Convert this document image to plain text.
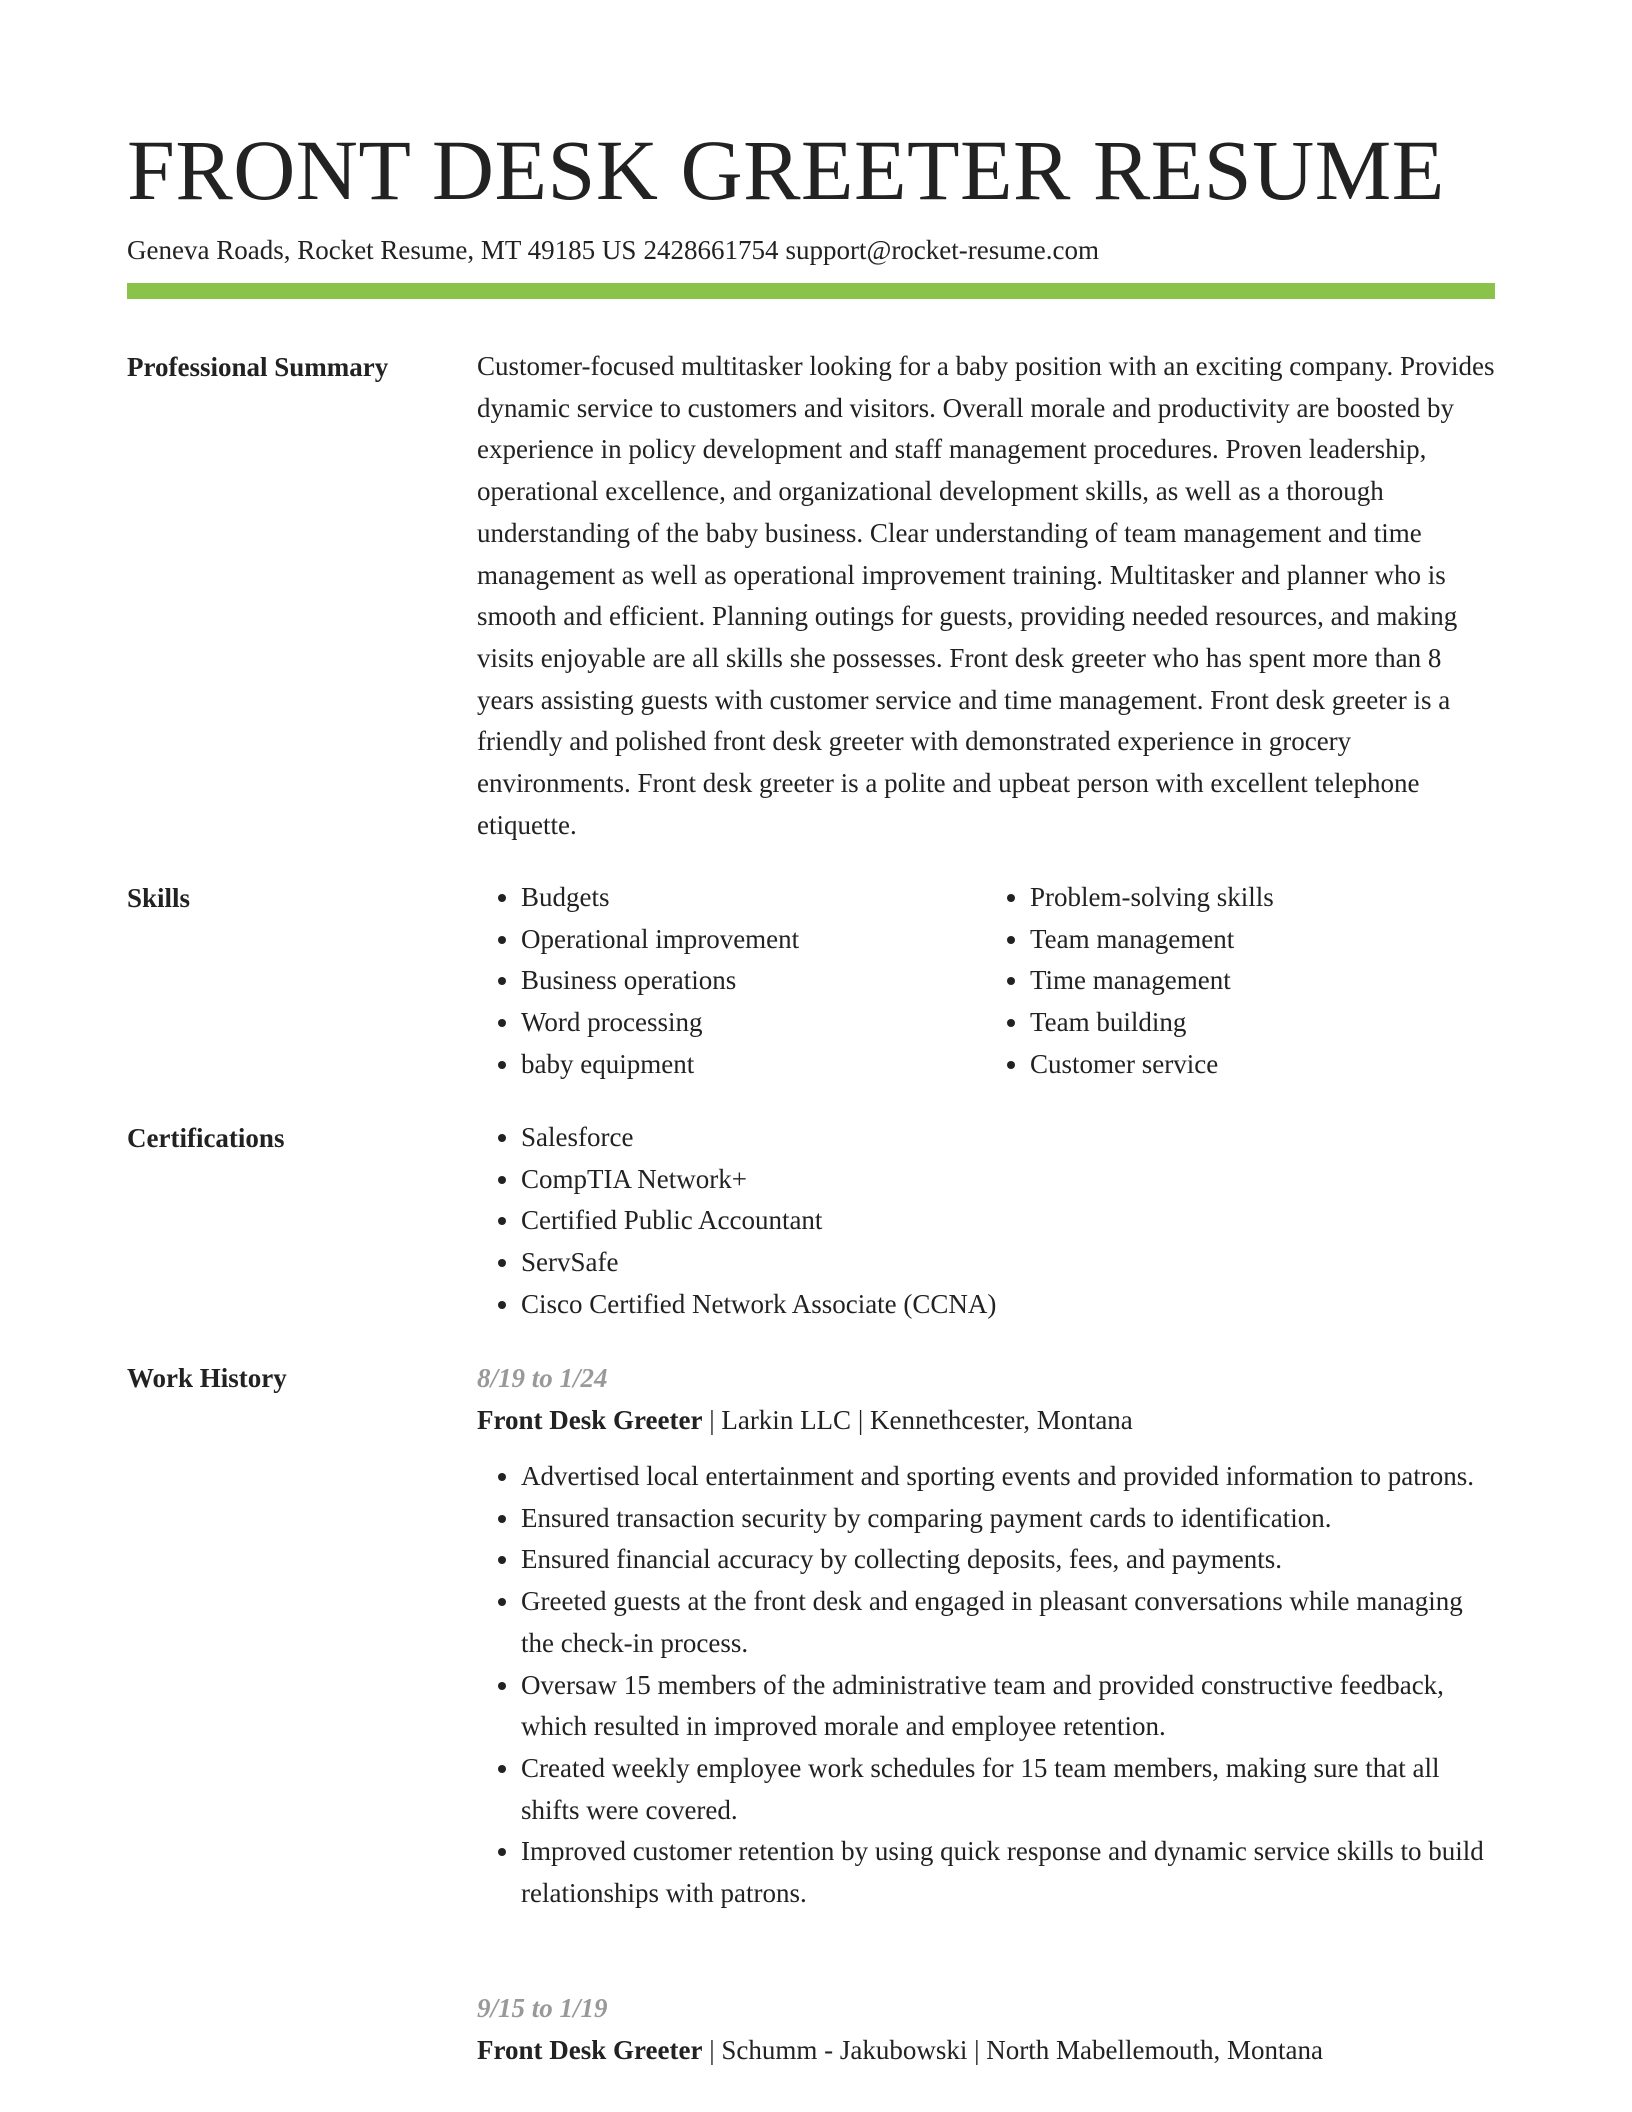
FRONT DESK GREETER RESUME
Geneva Roads, Rocket Resume, MT 49185 US 2428661754 support@rocket-resume.com
Professional Summary	Customer-focused multitasker looking for a baby position with an exciting company. Provides dynamic service to customers and visitors. Overall morale and productivity are boosted by experience in policy development and staff management procedures. Proven leadership, operational excellence, and organizational development skills, as well as a thorough understanding of the baby business. Clear understanding of team management and time management as well as operational improvement training. Multitasker and planner who is smooth and efficient. Planning outings for guests, providing needed resources, and making visits enjoyable are all skills she possesses. Front desk greeter who has spent more than 8 years assisting guests with customer service and time management. Front desk greeter is a friendly and polished front desk greeter with demonstrated experience in grocery environments. Front desk greeter is a polite and upbeat person with excellent telephone etiquette.

Skills	• Budgets
• Operational improvement
• Business operations
• Word processing
• baby equipment
• Problem-solving skills
• Team management
• Time management
• Team building
• Customer service
Certifications	• Salesforce
• CompTIA Network+
• Certified Public Accountant
• ServSafe
• Cisco Certified Network Associate (CCNA)
Work History	8/19 to 1/24
Front Desk Greeter | Larkin LLC | Kennethcester, Montana
• Advertised local entertainment and sporting events and provided information to patrons.
• Ensured transaction security by comparing payment cards to identification.
• Ensured financial accuracy by collecting deposits, fees, and payments.
• Greeted guests at the front desk and engaged in pleasant conversations while managing the check-in process.
• Oversaw 15 members of the administrative team and provided constructive feedback, which resulted in improved morale and employee retention.
• Created weekly employee work schedules for 15 team members, making sure that all shifts were covered.
• Improved customer retention by using quick response and dynamic service skills to build relationships with patrons.
9/15 to 1/19
Front Desk Greeter | Schumm - Jakubowski | North Mabellemouth, Montana
